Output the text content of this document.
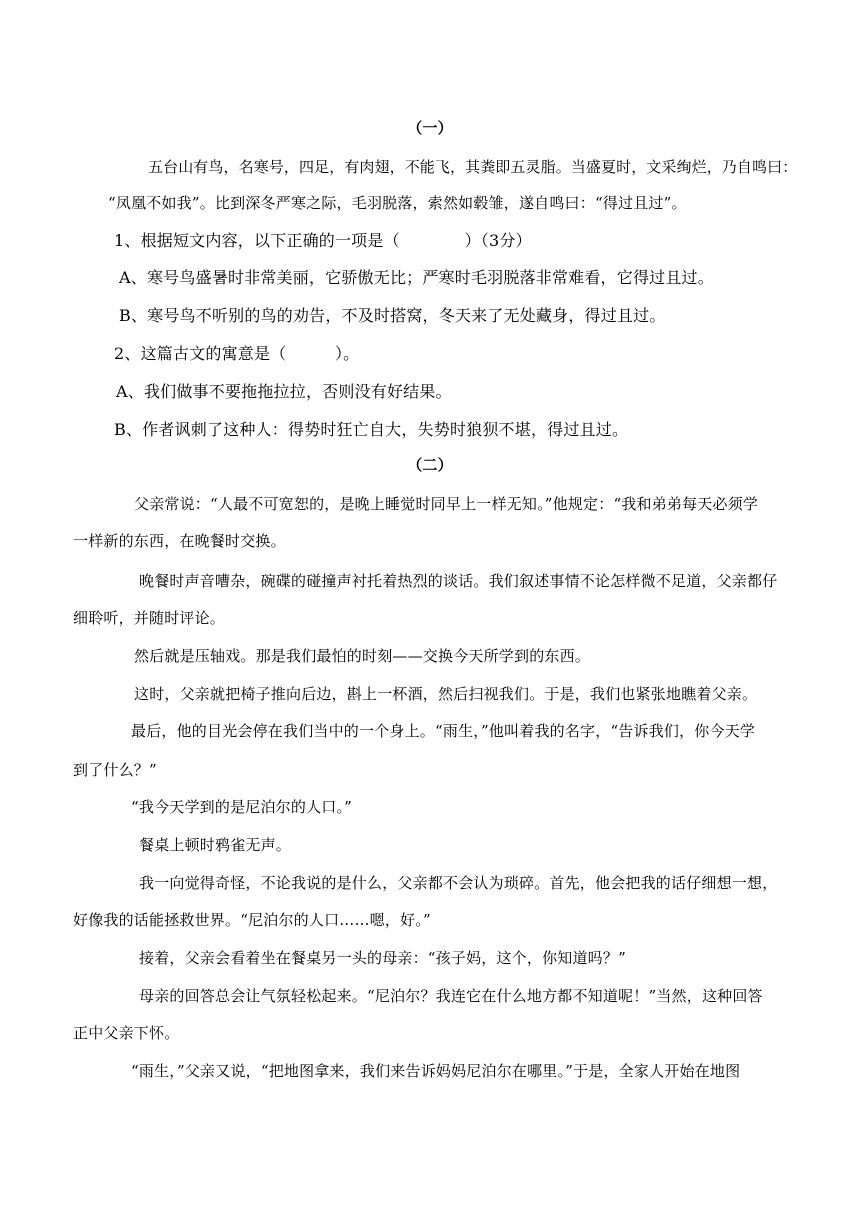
（一）
五台山有鸟，名寒号，四足，有肉翅，不能飞，其粪即五灵脂。当盛夏时，文采绚烂，乃自鸣曰：
“凤凰不如我”。比到深冬严寒之际，毛羽脱落，索然如毂雏，遂自鸣曰：“得过且过”。
1、根据短文内容，以下正确的一项是（　　　　）（3分）
A、寒号鸟盛暑时非常美丽，它骄傲无比；严寒时毛羽脱落非常难看，它得过且过。
B、寒号鸟不听别的鸟的劝告，不及时搭窝，冬天来了无处藏身，得过且过。
2、这篇古文的寓意是（　　　）。
A、我们做事不要拖拖拉拉，否则没有好结果。
B、作者讽刺了这种人：得势时狂亡自大，失势时狼狈不堪，得过且过。
（二）
父亲常说：“人最不可宽恕的，是晚上睡觉时同早上一样无知。”他规定：“我和弟弟每天必须学
一样新的东西，在晚餐时交换。
晚餐时声音嘈杂，碗碟的碰撞声衬托着热烈的谈话。我们叙述事情不论怎样微不足道，父亲都仔
细聆听，并随时评论。
然后就是压轴戏。那是我们最怕的时刻——交换今天所学到的东西。
这时，父亲就把椅子推向后边，斟上一杯酒，然后扫视我们。于是，我们也紧张地瞧着父亲。
最后，他的目光会停在我们当中的一个身上。“雨生，”他叫着我的名字，“告诉我们，你今天学
到了什么？”
“我今天学到的是尼泊尔的人口。”
餐桌上顿时鸦雀无声。
我一向觉得奇怪，不论我说的是什么，父亲都不会认为琐碎。首先，他会把我的话仔细想一想，
好像我的话能拯救世界。“尼泊尔的人口……嗯，好。”
接着，父亲会看着坐在餐桌另一头的母亲：“孩子妈，这个，你知道吗？”
母亲的回答总会让气氛轻松起来。“尼泊尔？我连它在什么地方都不知道呢！”当然，这种回答
正中父亲下怀。
“雨生，”父亲又说，“把地图拿来，我们来告诉妈妈尼泊尔在哪里。”于是，全家人开始在地图
